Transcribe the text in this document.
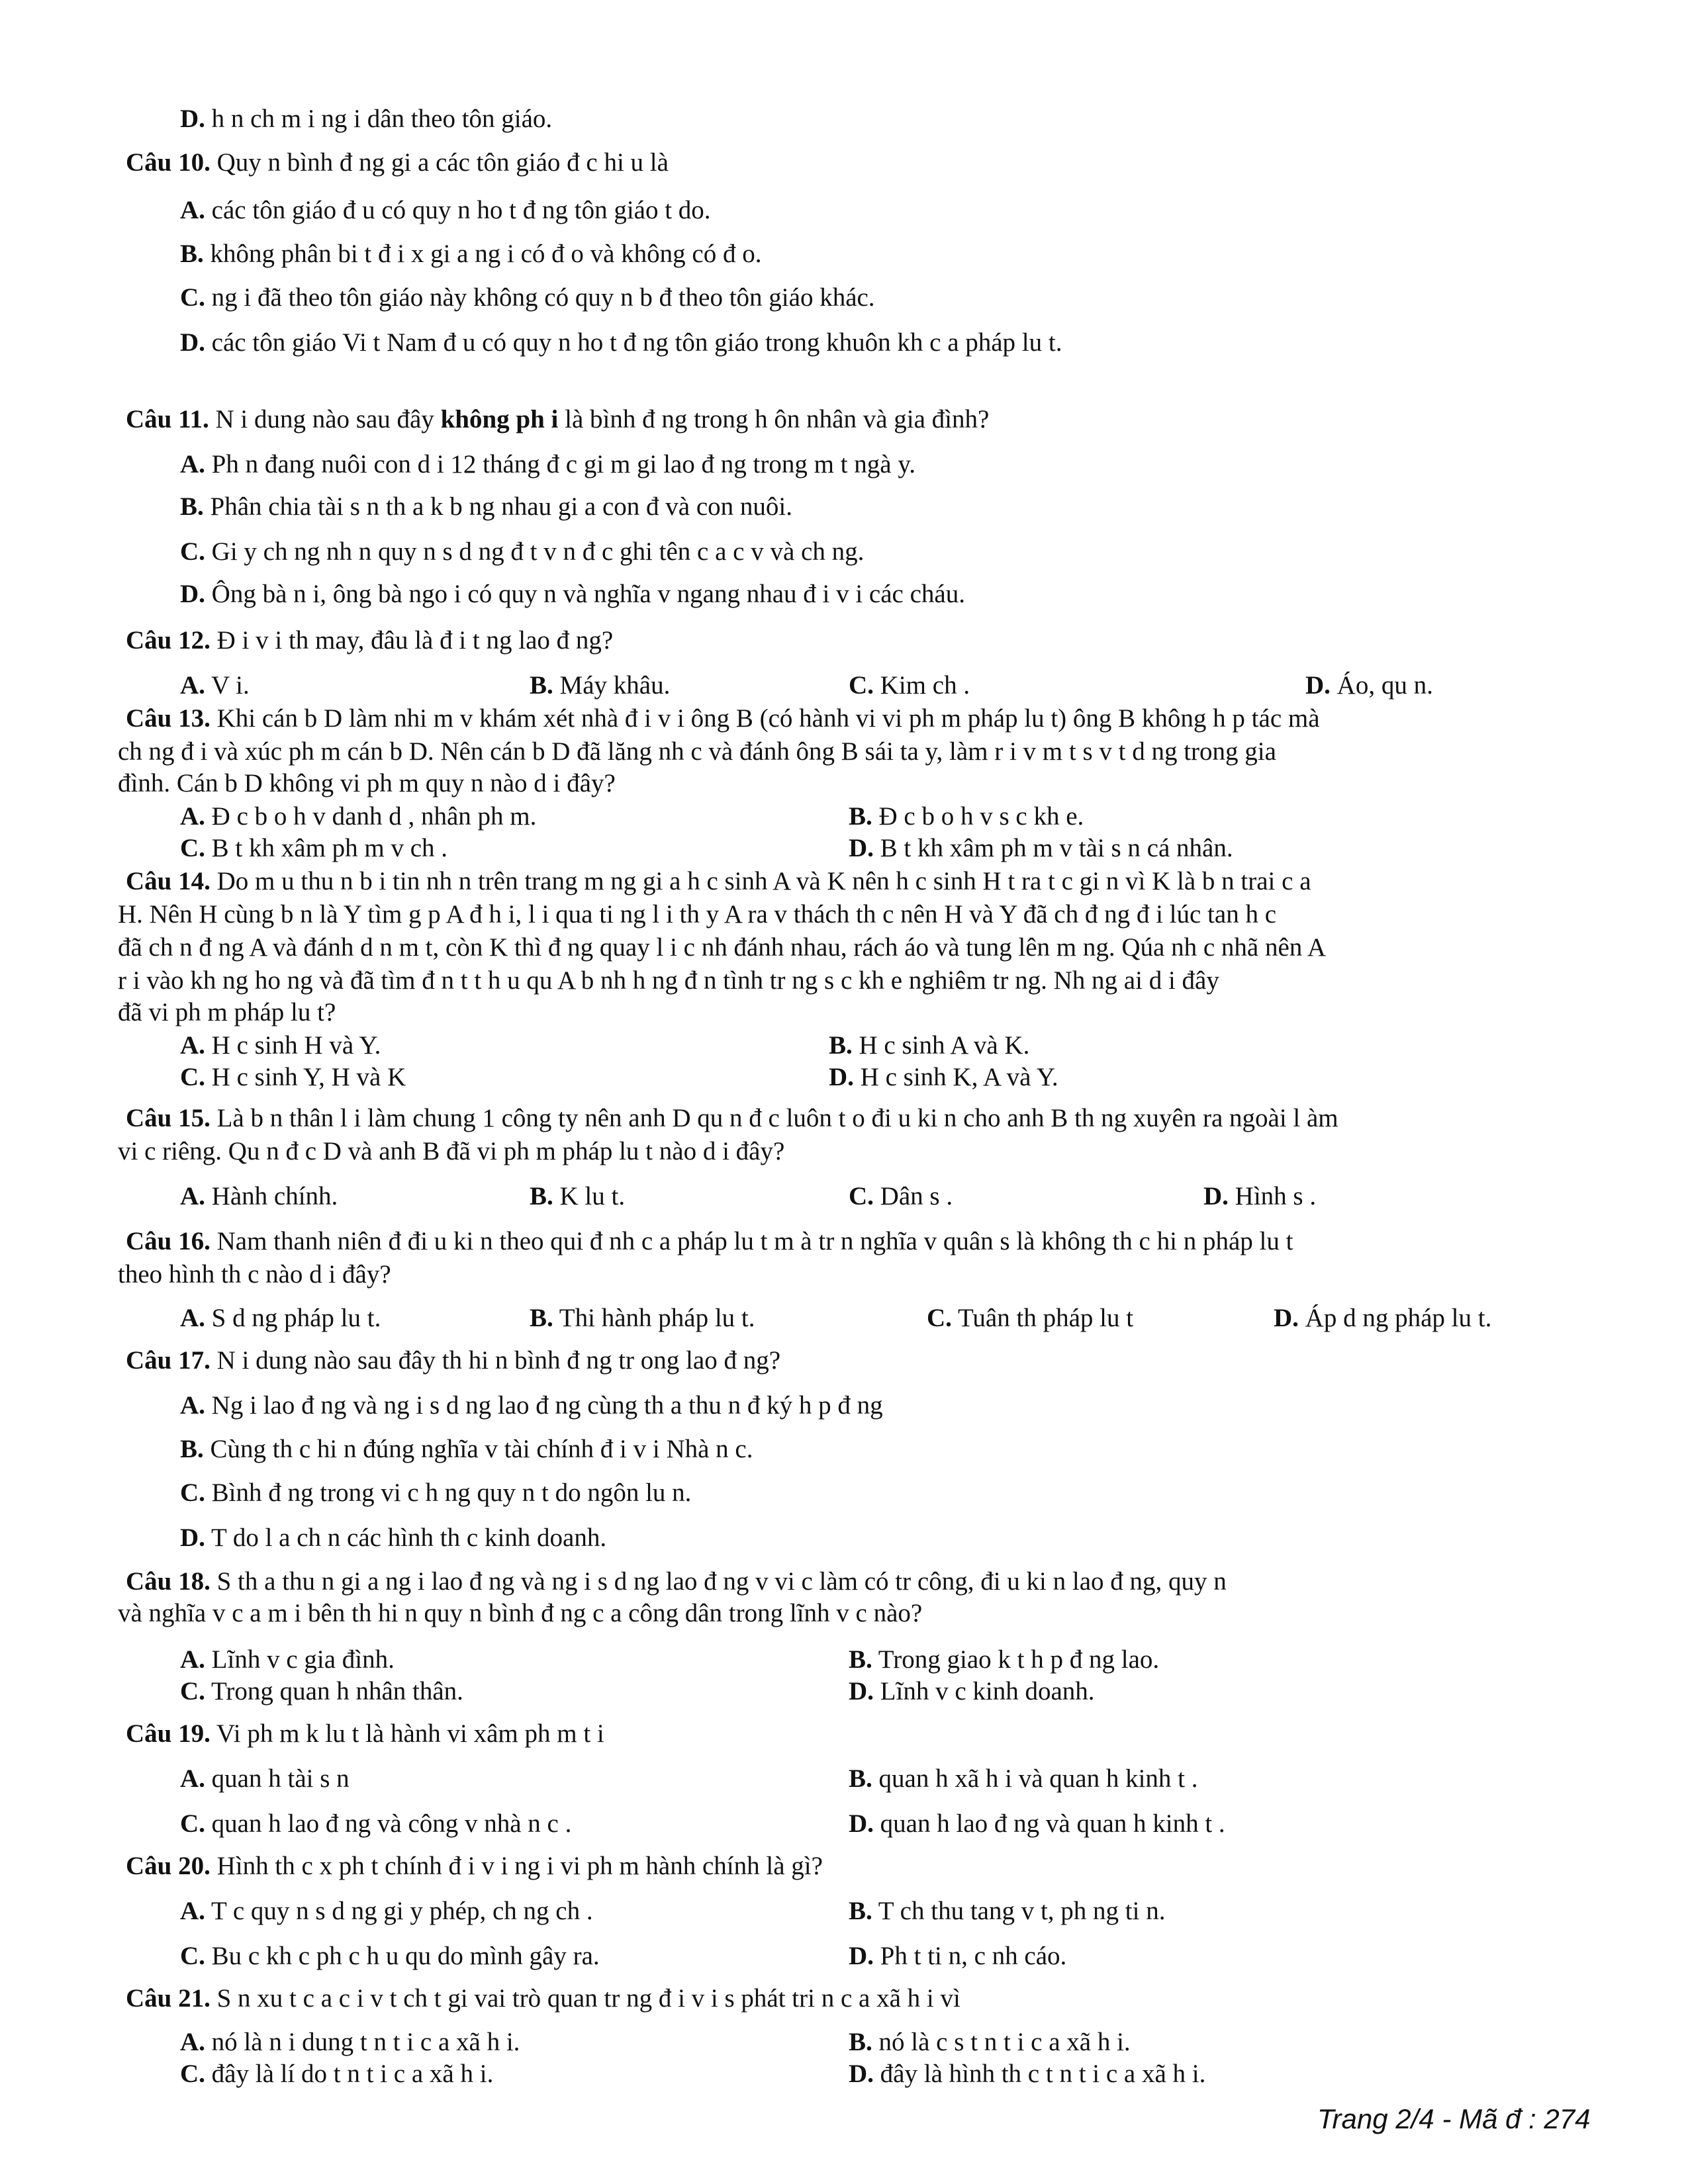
D. h n ch m i ng i dân theo tôn giáo.
Câu 10. Quy n bình đ ng gi a các tôn giáo đ c hi u là
A. các tôn giáo đ u có quy n ho t đ ng tôn giáo t do.
B. không phân bi t đ i x gi a ng i có đ o và không có đ o.
C. ng i đã theo tôn giáo này không có quy n b đ theo tôn giáo khác.
D. các tôn giáo Vi t Nam đ u có quy n ho t đ ng tôn giáo trong khuôn kh c a pháp lu t.
Câu 11. N i dung nào sau đây không ph i là bình đ ng trong h ôn nhân và gia đình?
A. Ph n đang nuôi con d i 12 tháng đ c gi m gi lao đ ng trong m t ngà y.
B. Phân chia tài s n th a k b ng nhau gi a con đ và con nuôi.
C. Gi y ch ng nh n quy n s d ng đ t v n đ c ghi tên c a c v và ch ng.
D. Ông bà n i, ông bà ngo i có quy n và nghĩa v ngang nhau đ i v i các cháu.
Câu 12. Đ i v i th may, đâu là đ i t ng lao đ ng?
A. V i.	B. Máy khâu.	C. Kim ch .	D. Áo, qu n.
Câu 13. Khi cán b D làm nhi m v khám xét nhà đ i v i ông B (có hành vi vi ph m pháp lu t) ông B không h p tác mà
ch ng đ i và xúc ph m cán b D. Nên cán b D đã lăng nh c và đánh ông B sái ta y, làm r i v m t s v t d ng trong gia
đình. Cán b D không vi ph m quy n nào d i đây?
A. Đ c b o h v danh d , nhân ph m.	B. Đ c b o h v s c kh e.
C. B t kh xâm ph m v ch .	D. B t kh xâm ph m v tài s n cá nhân.
Câu 14. Do m u thu n b i tin nh n trên trang m ng gi a h c sinh A và K nên h c sinh H t ra t c gi n vì K là b n trai c a
H. Nên H cùng b n là Y tìm g p A đ h i, l i qua ti ng l i th y A ra v thách th c nên H và Y đã ch đ ng đ i lúc tan h c
đã ch n đ ng A và đánh d n m t, còn K thì đ ng quay l i c nh đánh nhau, rách áo và tung lên m ng. Qúa nh c nhã nên A
r i vào kh ng ho ng và đã tìm đ n t t h u qu A b nh h ng đ n tình tr ng s c kh e nghiêm tr ng. Nh ng ai d i đây
đã vi ph m pháp lu t?
A. H c sinh H và Y.	B. H c sinh A và K.
C. H c sinh Y, H và K	D. H c sinh K, A và Y.
Câu 15. Là b n thân l i làm chung 1 công ty nên anh D qu n đ c luôn t o đi u ki n cho anh B th ng xuyên ra ngoài l àm
vi c riêng. Qu n đ c D và anh B đã vi ph m pháp lu t nào d i đây?
A. Hành chính.	B. K lu t.	C. Dân s .	D. Hình s .
Câu 16. Nam thanh niên đ đi u ki n theo qui đ nh c a pháp lu t m à tr n nghĩa v quân s là không th c hi n pháp lu t
theo hình th c nào d i đây?
A. S d ng pháp lu t.	B. Thi hành pháp lu t.	C. Tuân th pháp lu t	D. Áp d ng pháp lu t.
Câu 17. N i dung nào sau đây th hi n bình đ ng tr ong lao đ ng?
A. Ng i lao đ ng và ng i s d ng lao đ ng cùng th a thu n đ ký h p đ ng
B. Cùng th c hi n đúng nghĩa v tài chính đ i v i Nhà n c.
C. Bình đ ng trong vi c h ng quy n t do ngôn lu n.
D. T do l a ch n các hình th c kinh doanh.
Câu 18. S th a thu n gi a ng i lao đ ng và ng i s d ng lao đ ng v vi c làm có tr công, đi u ki n lao đ ng, quy n
và nghĩa v c a m i bên th hi n quy n bình đ ng c a công dân trong lĩnh v c nào?
A. Lĩnh v c gia đình.	B. Trong giao k t h p đ ng lao.
C. Trong quan h nhân thân.	D. Lĩnh v c kinh doanh.
Câu 19. Vi ph m k lu t là hành vi xâm ph m t i
A. quan h tài s n	B. quan h xã h i và quan h kinh t .
C. quan h lao đ ng và công v nhà n c .	D. quan h lao đ ng và quan h kinh t .
Câu 20. Hình th c x ph t chính đ i v i ng i vi ph m hành chính là gì?
A. T c quy n s d ng gi y phép, ch ng ch .	B. T ch thu tang v t, ph ng ti n.
C. Bu c kh c ph c h u qu do mình gây ra.	D. Ph t ti n, c nh cáo.
Câu 21. S n xu t c a c i v t ch t gi vai trò quan tr ng đ i v i s phát tri n c a xã h i vì
A. nó là n i dung t n t i c a xã h i.	B. nó là c s t n t i c a xã h i.
C. đây là lí do t n t i c a xã h i.	D. đây là hình th c t n t i c a xã h i.
Trang 2/4 - Mã đ : 274
